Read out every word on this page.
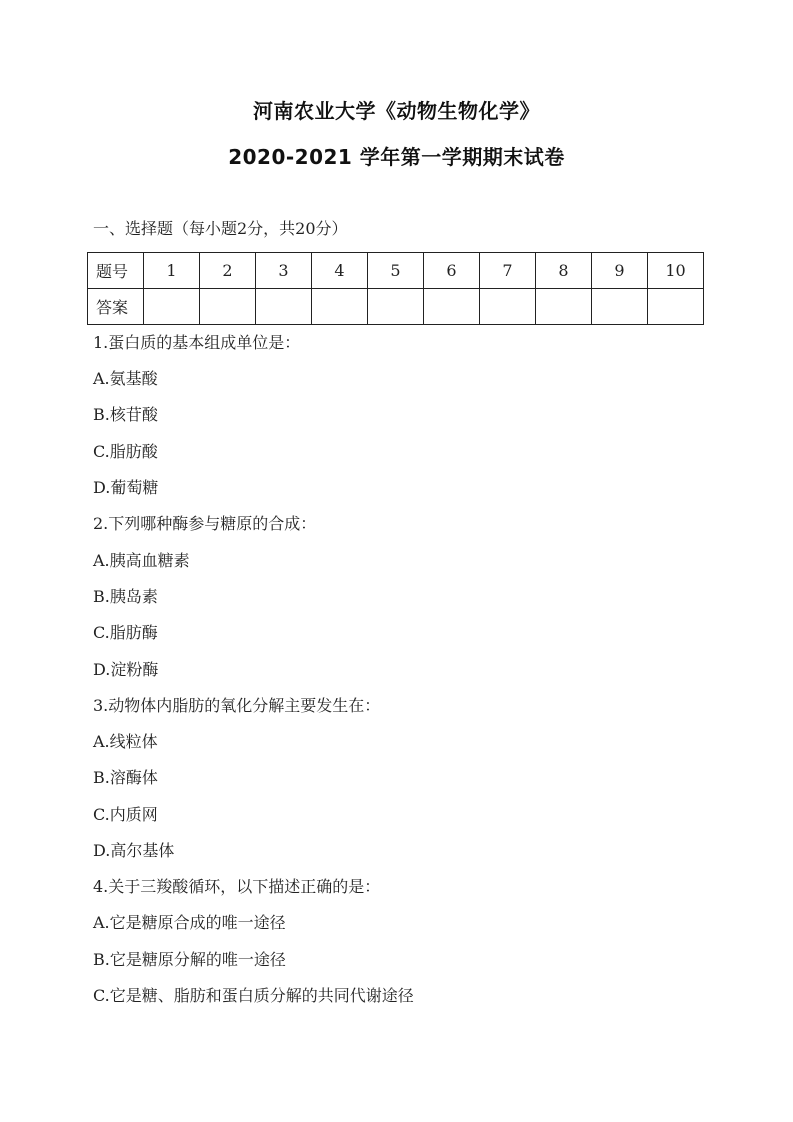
河南农业大学《动物生物化学》
2020-2021 学年第一学期期末试卷
一、选择题（每小题2分，共20分）
题号	1	2	3	4	5	6	7	8	9	10
答案										
1.蛋白质的基本组成单位是：
A.氨基酸
B.核苷酸
C.脂肪酸
D.葡萄糖
2.下列哪种酶参与糖原的合成：
A.胰高血糖素
B.胰岛素
C.脂肪酶
D.淀粉酶
3.动物体内脂肪的氧化分解主要发生在：
A.线粒体
B.溶酶体
C.内质网
D.高尔基体
4.关于三羧酸循环，以下描述正确的是：
A.它是糖原合成的唯一途径
B.它是糖原分解的唯一途径
C.它是糖、脂肪和蛋白质分解的共同代谢途径
